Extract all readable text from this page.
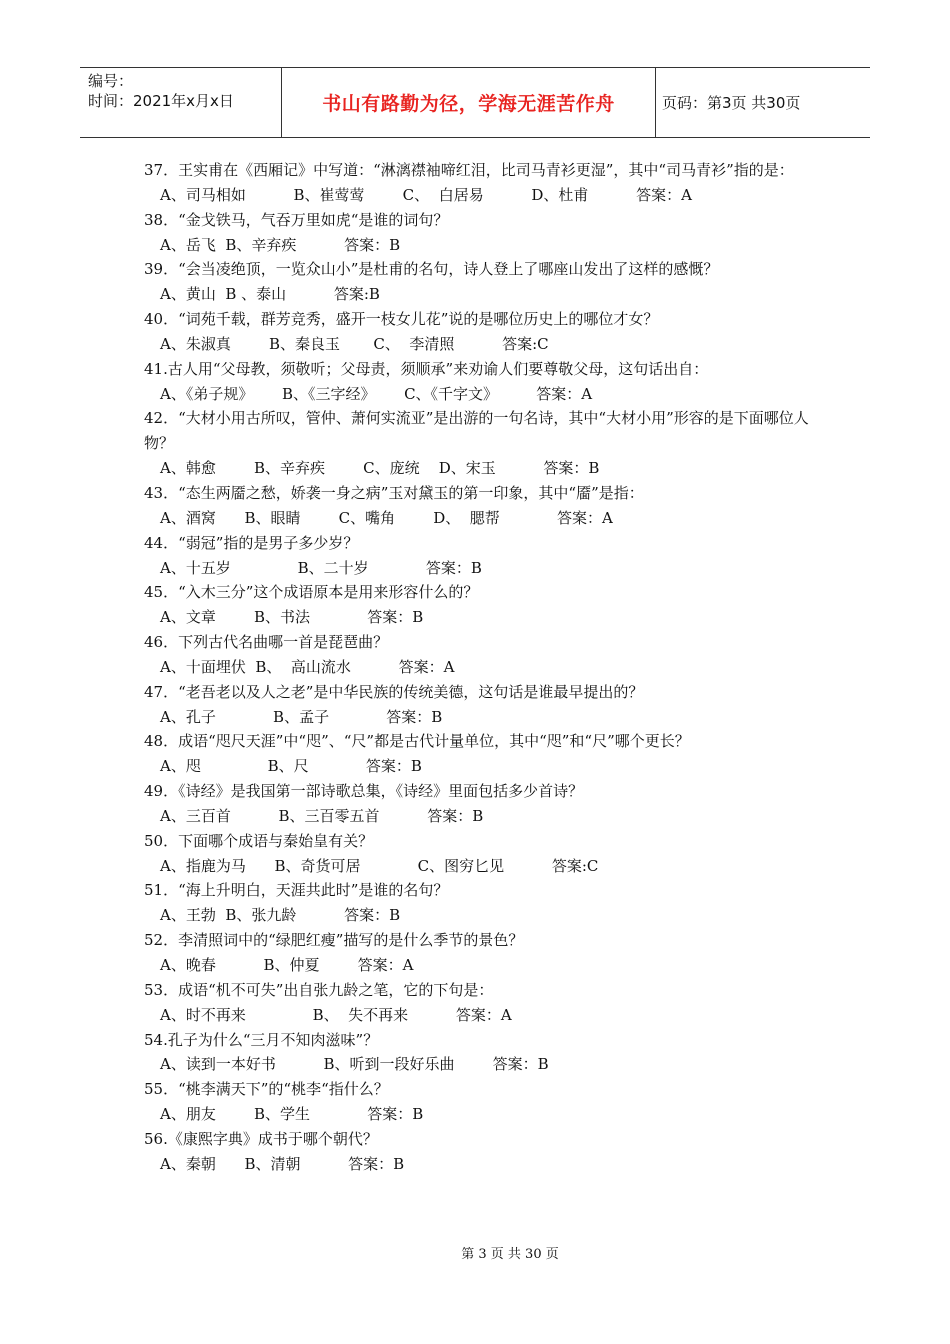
编号：
时间：2021年x月x日	书山有路勤为径，学海无涯苦作舟	页码：第3页 共30页

37．王实甫在《西厢记》中写道：“淋漓襟袖啼红泪，比司马青衫更湿”，其中“司马青衫”指的是：

A、司马相如          B、崔莺莺        C、  白居易          D、杜甫          答案：A

38．“金戈铁马，气吞万里如虎“是谁的词句？

A、岳飞  B、辛弃疾          答案：B

39．“会当凌绝顶，一览众山小”是杜甫的名句，诗人登上了哪座山发出了这样的感慨？

A、黄山  B 、泰山          答案:B

40．“词苑千载，群芳竞秀，盛开一枝女儿花”说的是哪位历史上的哪位才女？

A、朱淑真        B、秦良玉       C、  李清照          答案:C

41.古人用“父母教，须敬听；父母责，须顺承”来劝谕人们要尊敬父母，这句话出自：

A、《弟子规》      B、《三字经》      C、《千字文》        答案：A

42．“大材小用古所叹，管仲、萧何实流亚”是出游的一句名诗，其中“大材小用”形容的是下面哪位人物？

A、韩愈        B、辛弃疾        C、庞统    D、宋玉          答案：B

43．“态生两靥之愁，娇袭一身之病”玉对黛玉的第一印象，其中“靥”是指：

A、酒窝      B、眼睛        C、嘴角        D、  腮帮            答案：A

44．“弱冠”指的是男子多少岁？

A、十五岁              B、二十岁            答案：B

45．“入木三分”这个成语原本是用来形容什么的？

A、文章        B、书法            答案：B

46．下列古代名曲哪一首是琵琶曲？

A、十面埋伏  B、  高山流水          答案：A

47．“老吾老以及人之老”是中华民族的传统美德，这句话是谁最早提出的？

A、孔子            B、孟子            答案：B

48．成语“咫尺天涯”中“咫”、“尺”都是古代计量单位，其中“咫”和“尺”哪个更长？

A、咫              B、尺            答案：B

49．《诗经》是我国第一部诗歌总集，《诗经》里面包括多少首诗？

A、三百首          B、三百零五首          答案：B

50．下面哪个成语与秦始皇有关？

A、指鹿为马      B、奇货可居            C、图穷匕见          答案:C

51．“海上升明白，天涯共此时”是谁的名句？

A、王勃  B、张九龄          答案：B

52．李清照词中的“绿肥红瘦”描写的是什么季节的景色？

A、晚春          B、仲夏        答案：A

53．成语“机不可失”出自张九龄之笔，它的下句是：

A、时不再来              B、  失不再来          答案：A

54.孔子为什么“三月不知肉滋味”？

A、读到一本好书          B、听到一段好乐曲        答案：B

55．“桃李满天下”的“桃李“指什么？

A、朋友        B、学生            答案：B

56.《康熙字典》成书于哪个朝代？

A、秦朝      B、清朝          答案：B

第 3 页 共 30 页
